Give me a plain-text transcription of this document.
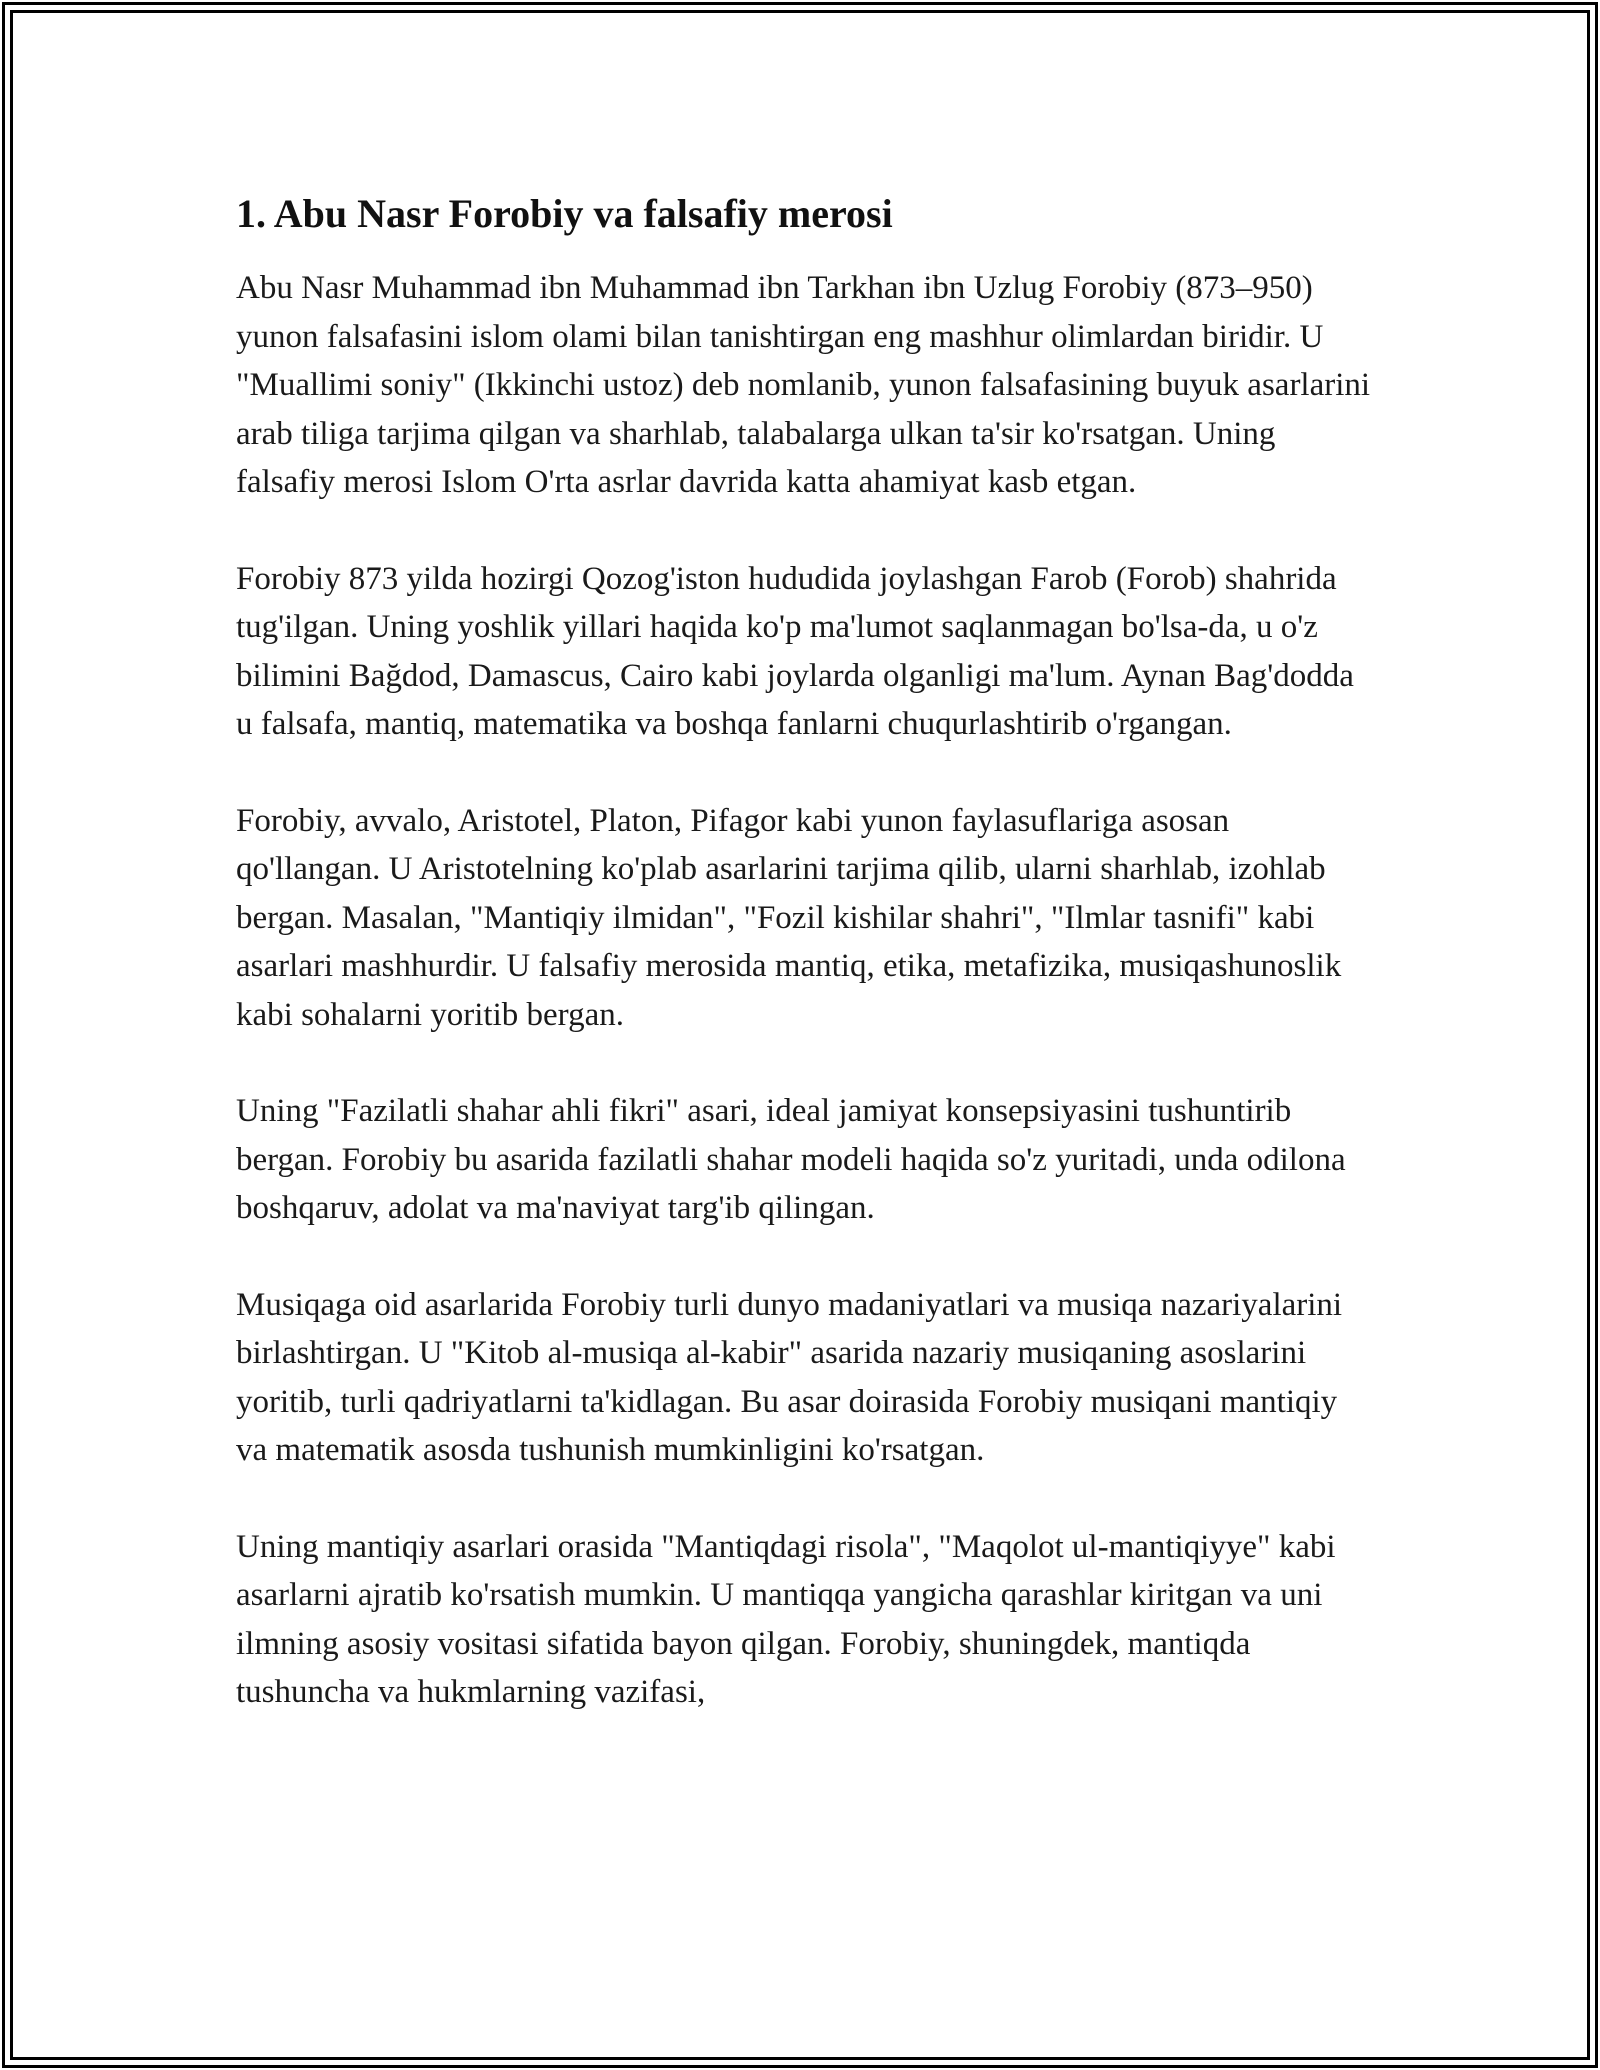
1. Abu Nasr Forobiy va falsafiy merosi

Abu Nasr Muhammad ibn Muhammad ibn Tarkhan ibn Uzlug Forobiy (873–950) yunon falsafasini islom olami bilan tanishtirgan eng mashhur olimlardan biridir. U "Muallimi soniy" (Ikkinchi ustoz) deb nomlanib, yunon falsafasining buyuk asarlarini arab tiliga tarjima qilgan va sharhlab, talabalarga ulkan ta'sir ko'rsatgan. Uning falsafiy merosi Islom O'rta asrlar davrida katta ahamiyat kasb etgan.

Forobiy 873 yilda hozirgi Qozog'iston hududida joylashgan Farob (Forob) shahrida tug'ilgan. Uning yoshlik yillari haqida ko'p ma'lumot saqlanmagan bo'lsa-da, u o'z bilimini Bağdod, Damascus, Cairo kabi joylarda olganligi ma'lum. Aynan Bag'dodda u falsafa, mantiq, matematika va boshqa fanlarni chuqurlashtirib o'rgangan.

Forobiy, avvalo, Aristotel, Platon, Pifagor kabi yunon faylasuflariga asosan qo'llangan. U Aristotelning ko'plab asarlarini tarjima qilib, ularni sharhlab, izohlab bergan. Masalan, "Mantiqiy ilmidan", "Fozil kishilar shahri", "Ilmlar tasnifi" kabi asarlari mashhurdir. U falsafiy merosida mantiq, etika, metafizika, musiqashunoslik kabi sohalarni yoritib bergan.

Uning "Fazilatli shahar ahli fikri" asari, ideal jamiyat konsepsiyasini tushuntirib bergan. Forobiy bu asarida fazilatli shahar modeli haqida so'z yuritadi, unda odilona boshqaruv, adolat va ma'naviyat targ'ib qilingan.

Musiqaga oid asarlarida Forobiy turli dunyo madaniyatlari va musiqa nazariyalarini birlashtirgan. U "Kitob al-musiqa al-kabir" asarida nazariy musiqaning asoslarini yoritib, turli qadriyatlarni ta'kidlagan. Bu asar doirasida Forobiy musiqani mantiqiy va matematik asosda tushunish mumkinligini ko'rsatgan.

Uning mantiqiy asarlari orasida "Mantiqdagi risola", "Maqolot ul-mantiqiyye" kabi asarlarni ajratib ko'rsatish mumkin. U mantiqqa yangicha qarashlar kiritgan va uni ilmning asosiy vositasi sifatida bayon qilgan. Forobiy, shuningdek, mantiqda tushuncha va hukmlarning vazifasi,
